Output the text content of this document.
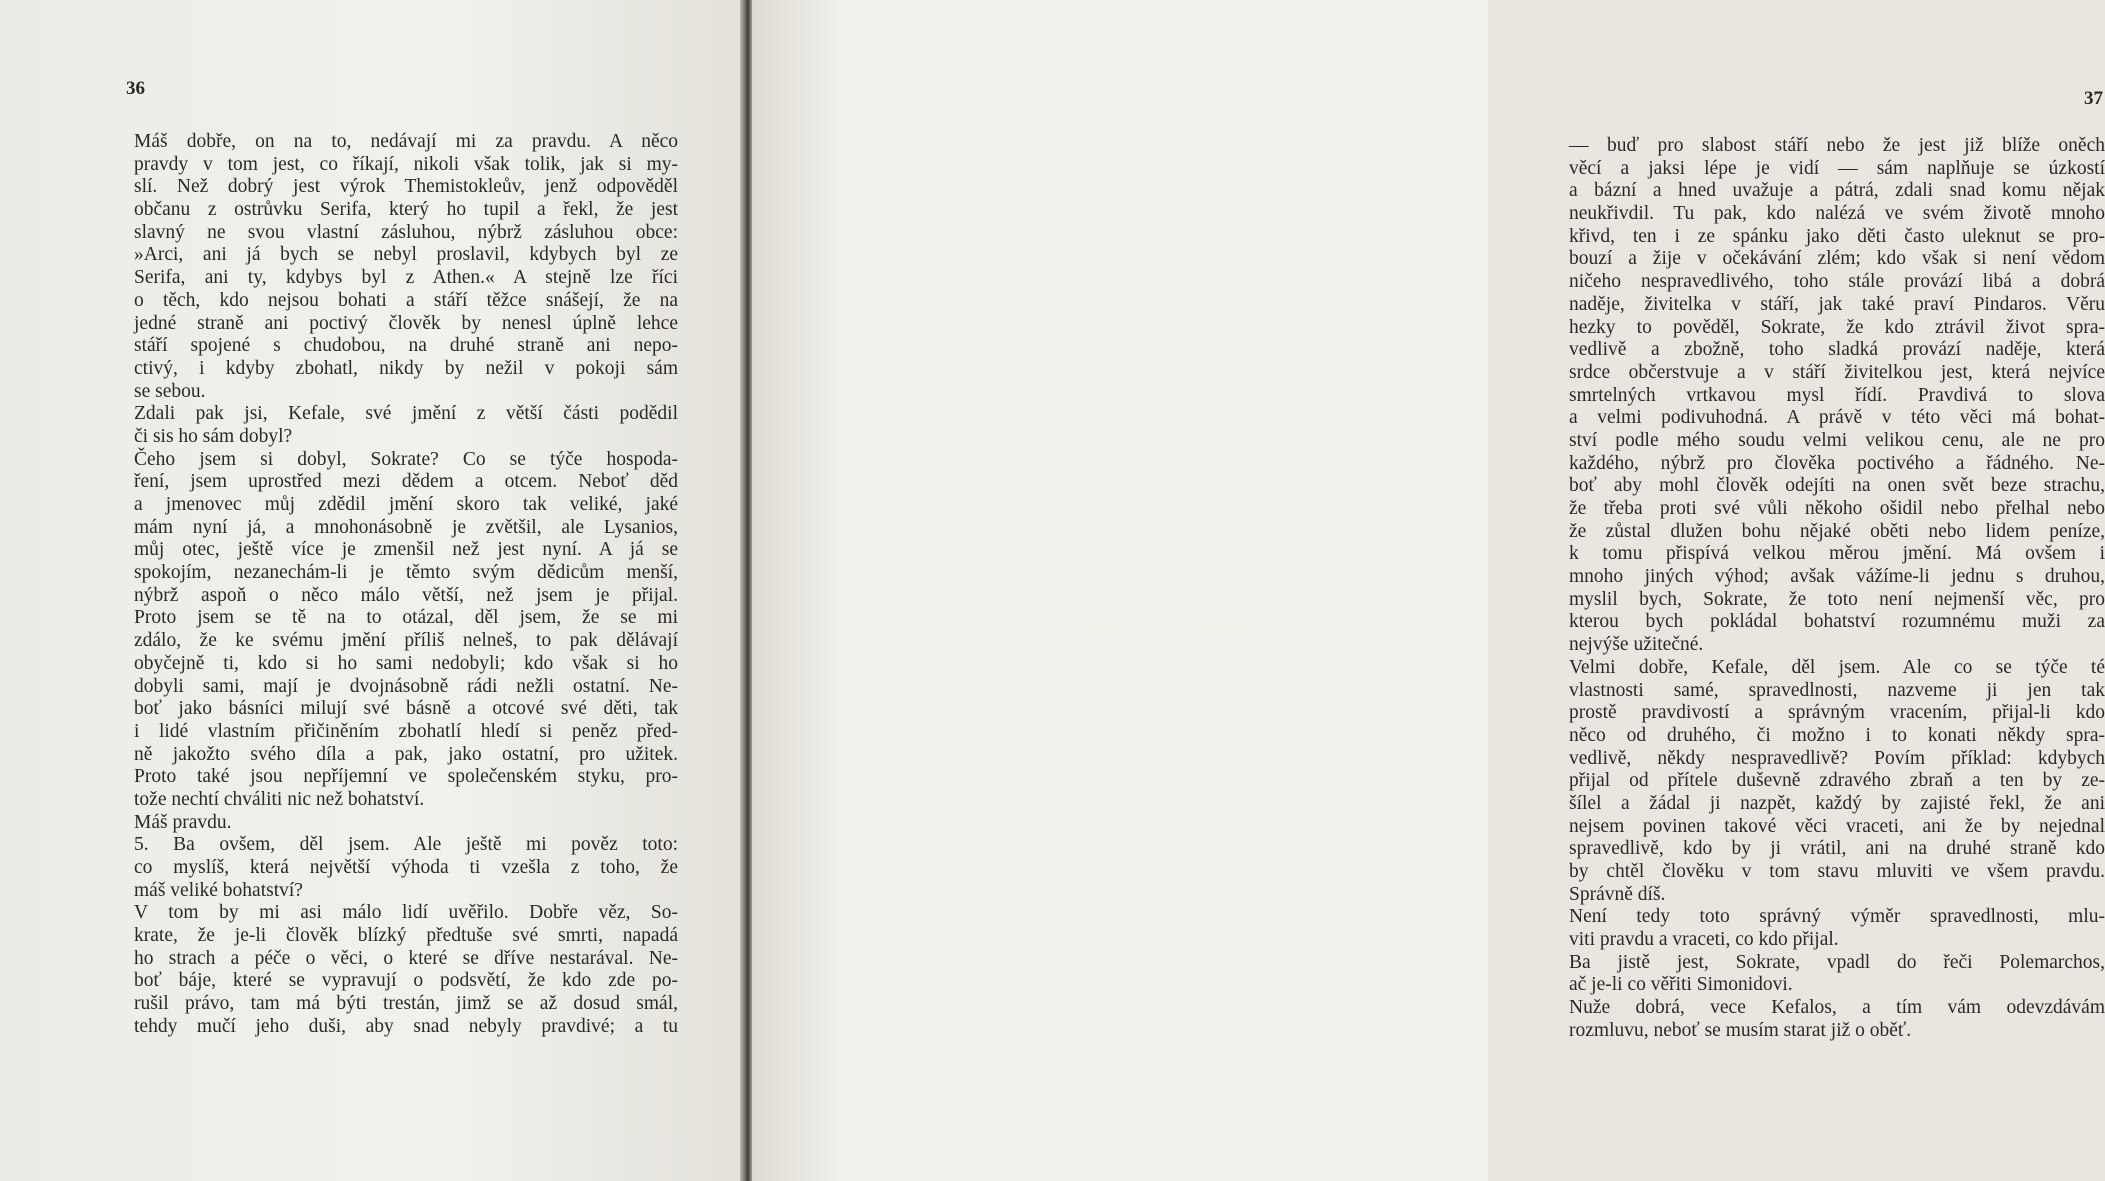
36
Máš dobře, on na to, nedávají mi za pravdu. A něco
pravdy v tom jest, co říkají, nikoli však tolik, jak si my-
slí. Než dobrý jest výrok Themistokleův, jenž odpověděl
občanu z ostrůvku Serifa, který ho tupil a řekl, že jest
slavný ne svou vlastní zásluhou, nýbrž zásluhou obce:
»Arci, ani já bych se nebyl proslavil, kdybych byl ze
Serifa, ani ty, kdybys byl z Athen.« A stejně lze říci
o těch, kdo nejsou bohati a stáří těžce snášejí, že na
jedné straně ani poctivý člověk by nenesl úplně lehce
stáří spojené s chudobou, na druhé straně ani nepo-
ctivý, i kdyby zbohatl, nikdy by nežil v pokoji sám
se sebou.
Zdali pak jsi, Kefale, své jmění z větší části podědil
či sis ho sám dobyl?
Čeho jsem si dobyl, Sokrate? Co se týče hospoda-
ření, jsem uprostřed mezi dědem a otcem. Neboť děd
a jmenovec můj zdědil jmění skoro tak veliké, jaké
mám nyní já, a mnohonásobně je zvětšil, ale Lysanios,
můj otec, ještě více je zmenšil než jest nyní. A já se
spokojím, nezanechám-li je těmto svým dědicům menší,
nýbrž aspoň o něco málo větší, než jsem je přijal.
Proto jsem se tě na to otázal, děl jsem, že se mi
zdálo, že ke svému jmění příliš nelneš, to pak dělávají
obyčejně ti, kdo si ho sami nedobyli; kdo však si ho
dobyli sami, mají je dvojnásobně rádi nežli ostatní. Ne-
boť jako básníci milují své básně a otcové své děti, tak
i lidé vlastním přičiněním zbohatlí hledí si peněz před-
ně jakožto svého díla a pak, jako ostatní, pro užitek.
Proto také jsou nepříjemní ve společenském styku, pro-
tože nechtí chváliti nic než bohatství.
Máš pravdu.
5. Ba ovšem, děl jsem. Ale ještě mi pověz toto:
co myslíš, která největší výhoda ti vzešla z toho, že
máš veliké bohatství?
V tom by mi asi málo lidí uvěřilo. Dobře věz, So-
krate, že je-li člověk blízký předtuše své smrti, napadá
ho strach a péče o věci, o které se dříve nestarával. Ne-
boť báje, které se vypravují o podsvětí, že kdo zde po-
rušil právo, tam má býti trestán, jimž se až dosud smál,
tehdy mučí jeho duši, aby snad nebyly pravdivé; a tu
37
— buď pro slabost stáří nebo že jest již blíže oněch
věcí a jaksi lépe je vidí — sám naplňuje se úzkostí
a bázní a hned uvažuje a pátrá, zdali snad komu nějak
neukřivdil. Tu pak, kdo nalézá ve svém životě mnoho
křivd, ten i ze spánku jako děti často uleknut se pro-
bouzí a žije v očekávání zlém; kdo však si není vědom
ničeho nespravedlivého, toho stále provází libá a dobrá
naděje, živitelka v stáří, jak také praví Pindaros. Věru
hezky to pověděl, Sokrate, že kdo ztrávil život spra-
vedlivě a zbožně, toho sladká provází naděje, která
srdce občerstvuje a v stáří živitelkou jest, která nejvíce
smrtelných vrtkavou mysl řídí. Pravdivá to slova
a velmi podivuhodná. A právě v této věci má bohat-
ství podle mého soudu velmi velikou cenu, ale ne pro
každého, nýbrž pro člověka poctivého a řádného. Ne-
boť aby mohl člověk odejíti na onen svět beze strachu,
že třeba proti své vůli někoho ošidil nebo přelhal nebo
že zůstal dlužen bohu nějaké oběti nebo lidem peníze,
k tomu přispívá velkou měrou jmění. Má ovšem i
mnoho jiných výhod; avšak vážíme-li jednu s druhou,
myslil bych, Sokrate, že toto není nejmenší věc, pro
kterou bych pokládal bohatství rozumnému muži za
nejvýše užitečné.
Velmi dobře, Kefale, děl jsem. Ale co se týče té
vlastnosti samé, spravedlnosti, nazveme ji jen tak
prostě pravdivostí a správným vracením, přijal-li kdo
něco od druhého, či možno i to konati někdy spra-
vedlivě, někdy nespravedlivě? Povím příklad: kdybych
přijal od přítele duševně zdravého zbraň a ten by ze-
šílel a žádal ji nazpět, každý by zajisté řekl, že ani
nejsem povinen takové věci vraceti, ani že by nejednal
spravedlivě, kdo by ji vrátil, ani na druhé straně kdo
by chtěl člověku v tom stavu mluviti ve všem pravdu.
Správně díš.
Není tedy toto správný výměr spravedlnosti, mlu-
viti pravdu a vraceti, co kdo přijal.
Ba jistě jest, Sokrate, vpadl do řeči Polemarchos,
ač je-li co věřiti Simonidovi.
Nuže dobrá, vece Kefalos, a tím vám odevzdávám
rozmluvu, neboť se musím starat již o oběť.
